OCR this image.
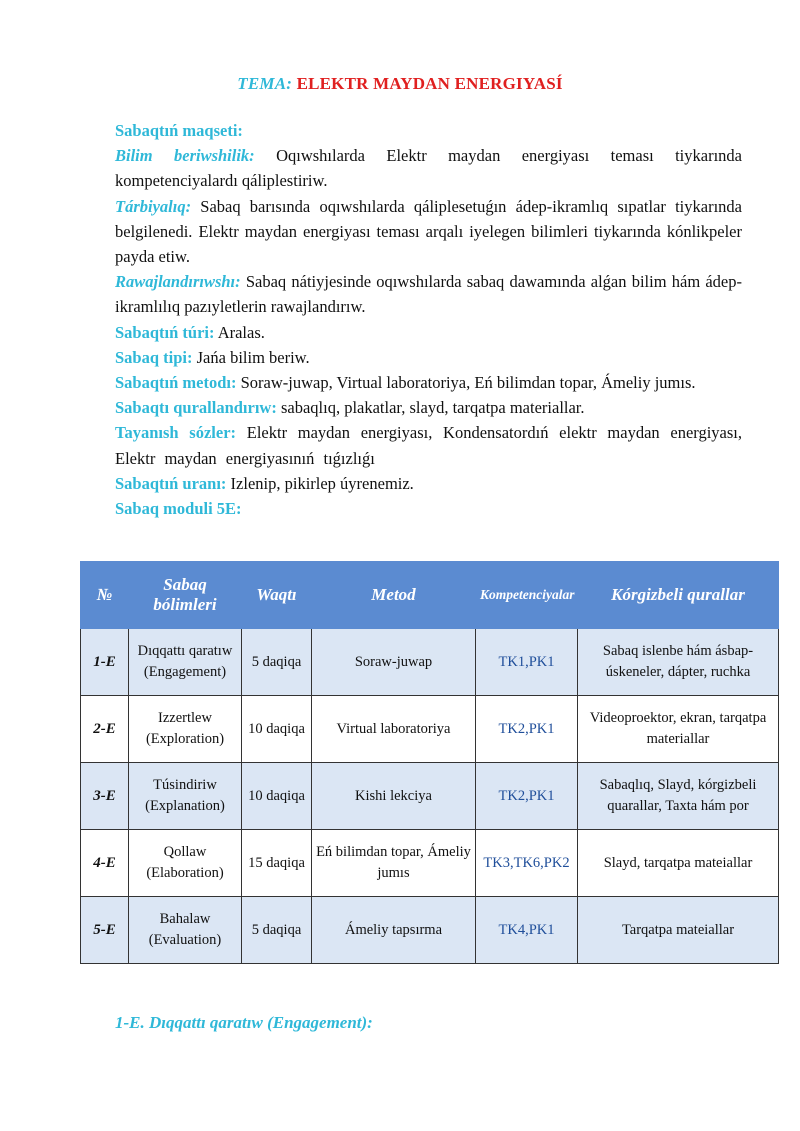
TEMA: ELEKTR MAYDAN ENERGIYASÍ

Sabaqtıń maqseti:

Bilim beriwshilik: Oqıwshılarda Elektr maydan energiyası teması tiykarında kompetenciyalardı qáliplestiriw.

Tárbiyalıq: Sabaq barısında oqıwshılarda qáliplesetuǵın ádep-ikramlıq sıpatlar tiykarında belgilenedi. Elektr maydan energiyası teması arqalı iyelegen bilimleri tiykarında kónlikpeler payda etiw.

Rawajlandırıwshı: Sabaq nátiyjesinde oqıwshılarda sabaq dawamında alǵan bilim hám ádep-ikramlılıq pazıyletlerin rawajlandırıw.

Sabaqtıń túri: Aralas.

Sabaq tipi: Jańa bilim beriw.

Sabaqtıń metodı: Soraw-juwap, Virtual laboratoriya, Eń bilimdan topar, Ámeliy jumıs.

Sabaqtı qurallandırıw: sabaqlıq, plakatlar, slayd, tarqatpa materiallar.

Tayanısh sózler: Elektr maydan energiyası, Kondensatordıń elektr maydan energiyası, Elektr maydan energiyasınıń tıǵızlıǵı

Sabaqtıń uranı: Izlenip, pikirlep úyrenemiz.

Sabaq moduli 5E:

№	Sabaq bólimleri	Waqtı	Metod	Kompetenciyalar	Kórgizbeli qurallar
1-E	Dıqqattı qaratıw (Engagement)	5 daqiqa	Soraw-juwap	TK1,PK1	Sabaq islenbe hám ásbap-úskeneler, dápter, ruchka
2-E	Izzertlew (Exploration)	10 daqiqa	Virtual laboratoriya	TK2,PK1	Videoproektor, ekran, tarqatpa materiallar
3-E	Túsindiriw (Explanation)	10 daqiqa	Kishi lekciya	TK2,PK1	Sabaqlıq, Slayd, kórgizbeli quarallar, Taxta hám por
4-E	Qollaw (Elaboration)	15 daqiqa	Eń bilimdan topar, Ámeliy jumıs	TK3,TK6,PK2	Slayd, tarqatpa mateiallar
5-E	Bahalaw (Evaluation)	5 daqiqa	Ámeliy tapsırma	TK4,PK1	Tarqatpa mateiallar
1-E. Dıqqattı qaratıw (Engagement):
